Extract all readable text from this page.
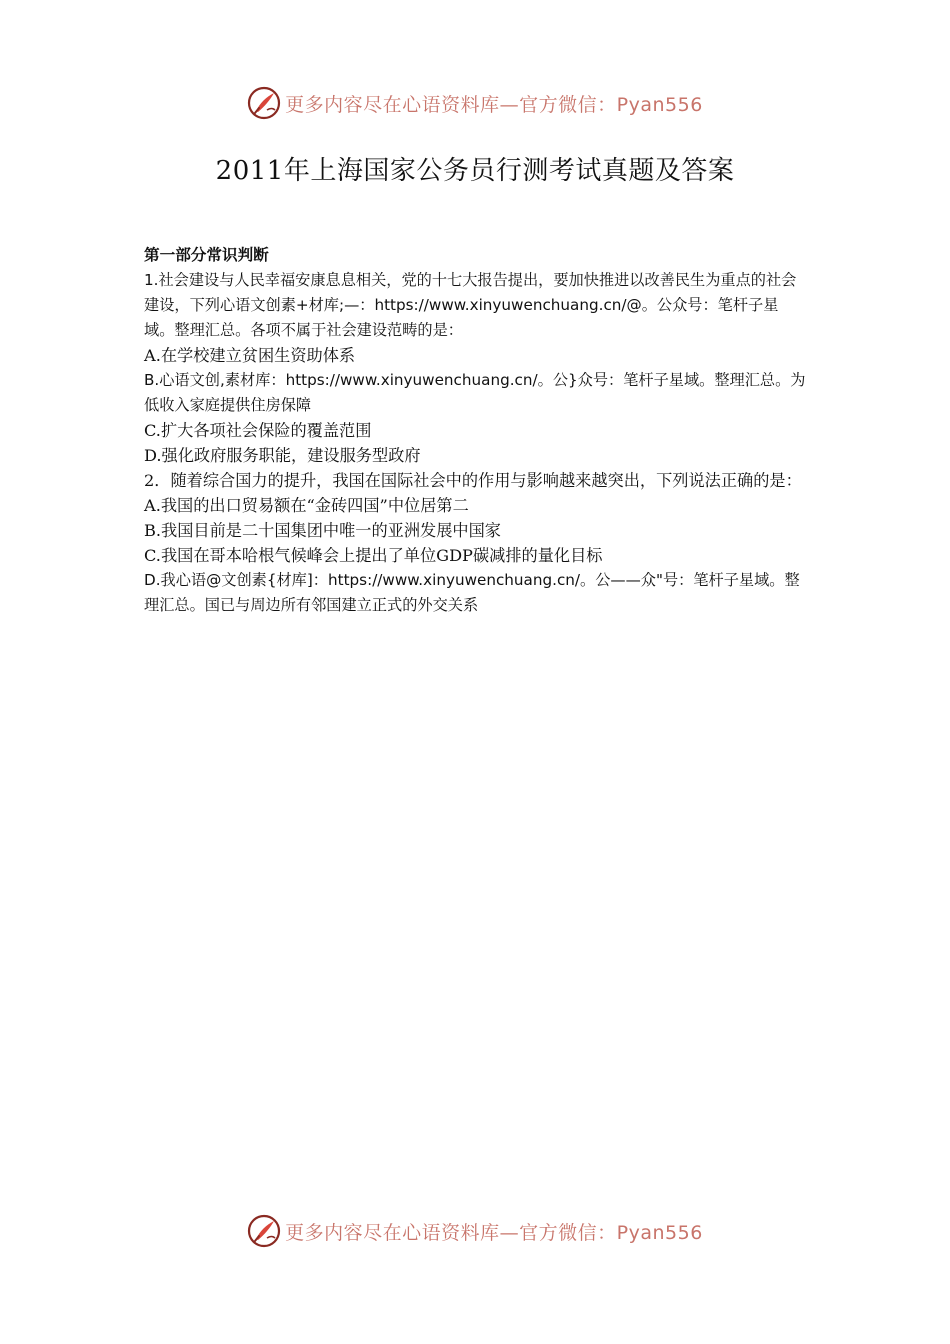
更多内容尽在心语资料库—官方微信：Pyan556
2011年上海国家公务员行测考试真题及答案

第一部分常识判断

1.社会建设与人民幸福安康息息相关，党的十七大报告提出，要加快推进以改善民生为重点的社会建设，下列心语文创素+材库;—：https://www.xinyuwenchuang.cn/@。公众号：笔杆子星域。整理汇总。各项不属于社会建设范畴的是：

A.在学校建立贫困生资助体系

B.心语文创,素材库：https://www.xinyuwenchuang.cn/。公}众号：笔杆子星域。整理汇总。为低收入家庭提供住房保障

C.扩大各项社会保险的覆盖范围

D.强化政府服务职能，建设服务型政府

2．随着综合国力的提升，我国在国际社会中的作用与影响越来越突出，下列说法正确的是：

A.我国的出口贸易额在“金砖四国”中位居第二

B.我国目前是二十国集团中唯一的亚洲发展中国家

C.我国在哥本哈根气候峰会上提出了单位GDP碳减排的量化目标

D.我心语@文创素{材库]：https://www.xinyuwenchuang.cn/。公——众"号：笔杆子星域。整理汇总。国已与周边所有邻国建立正式的外交关系

更多内容尽在心语资料库—官方微信：Pyan556
